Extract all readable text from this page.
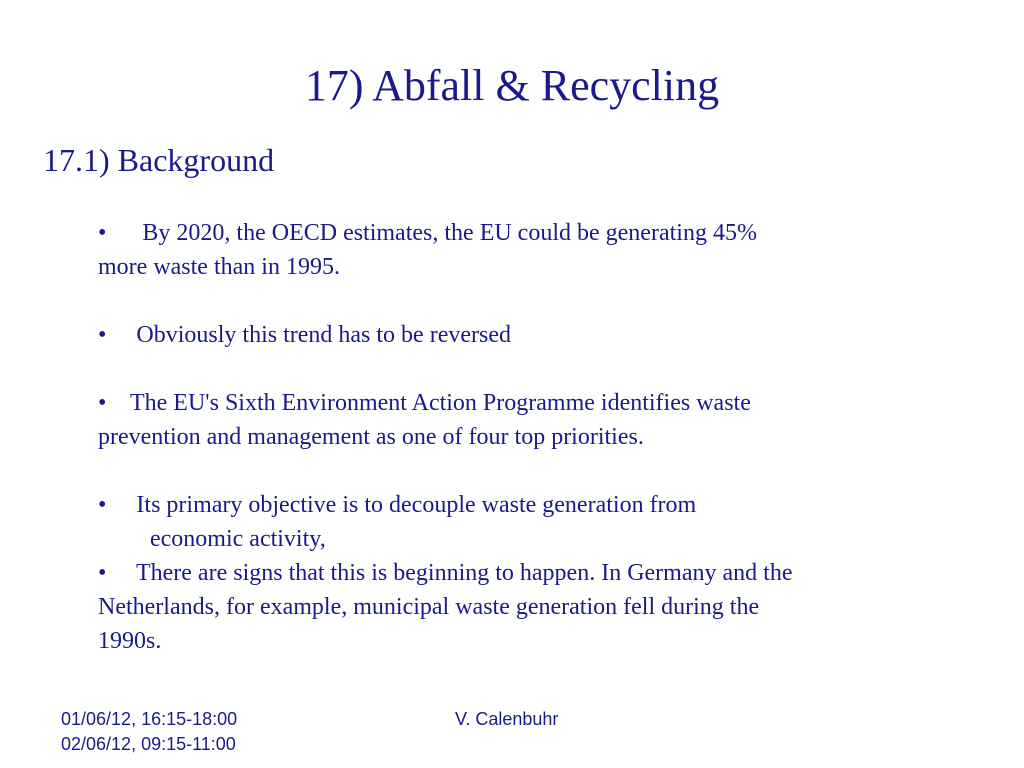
17) Abfall & Recycling
17.1) Background

•      By 2020, the OECD estimates, the EU could be generating 45%

more waste than in 1995.

•     Obviously this trend has to be reversed

•    The EU's Sixth Environment Action Programme identifies waste

prevention and management as one of four top priorities.

•     Its primary objective is to decouple waste generation from

economic activity,

•     There are signs that this is beginning to happen. In Germany and the

Netherlands, for example, municipal waste generation fell during the

1990s.

01/06/12, 16:15-18:00
02/06/12, 09:15-11:00
V. Calenbuhr
